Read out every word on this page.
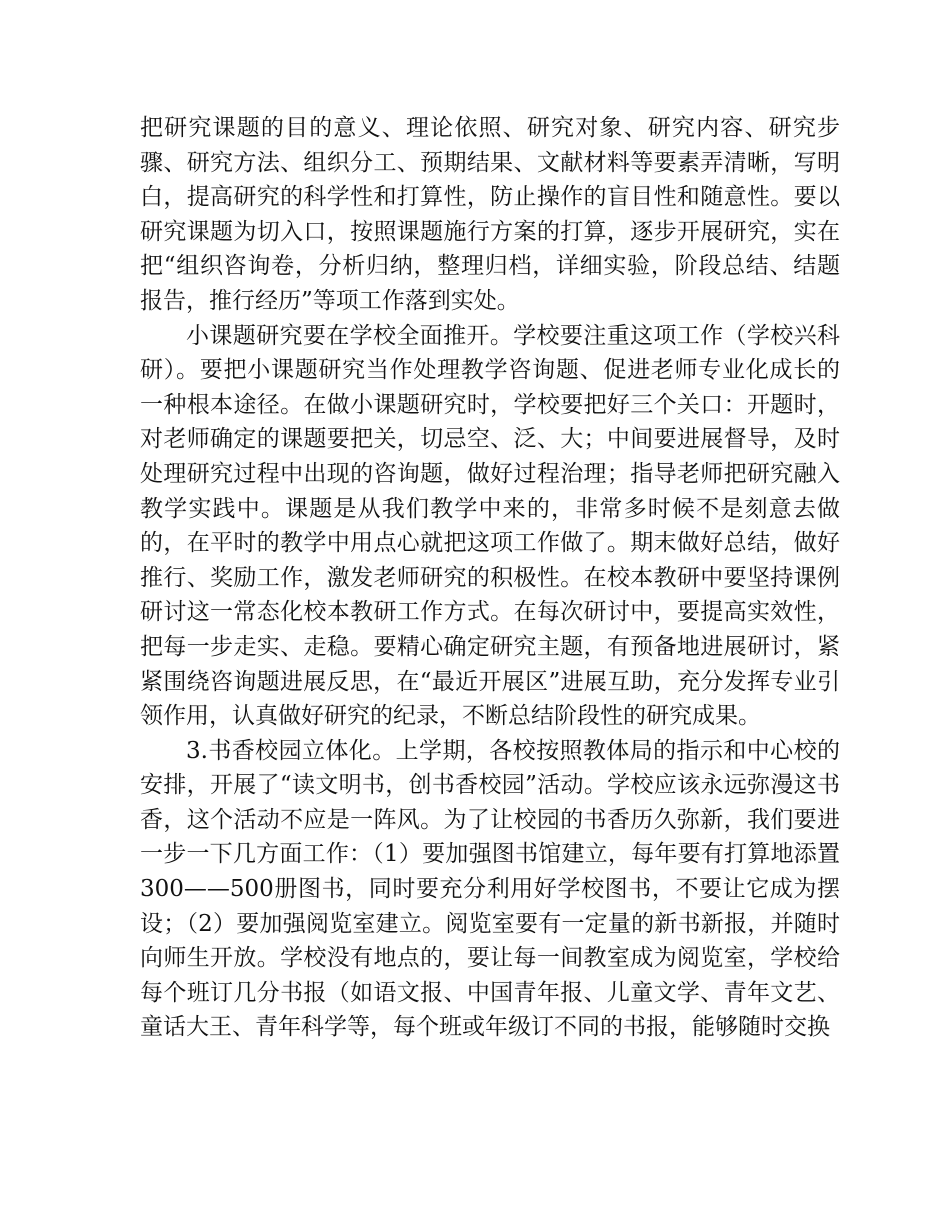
把研究课题的目的意义、理论依照、研究对象、研究内容、研究步骤、研究方法、组织分工、预期结果、文献材料等要素弄清晰，写明白，提高研究的科学性和打算性，防止操作的盲目性和随意性。要以研究课题为切入口，按照课题施行方案的打算，逐步开展研究，实在把“组织咨询卷，分析归纳，整理归档，详细实验，阶段总结、结题报告，推行经历”等项工作落到实处。

小课题研究要在学校全面推开。学校要注重这项工作（学校兴科研）。要把小课题研究当作处理教学咨询题、促进老师专业化成长的一种根本途径。在做小课题研究时，学校要把好三个关口：开题时，对老师确定的课题要把关，切忌空、泛、大；中间要进展督导，及时处理研究过程中出现的咨询题，做好过程治理；指导老师把研究融入教学实践中。课题是从我们教学中来的，非常多时候不是刻意去做的，在平时的教学中用点心就把这项工作做了。期末做好总结，做好推行、奖励工作，激发老师研究的积极性。在校本教研中要坚持课例研讨这一常态化校本教研工作方式。在每次研讨中，要提高实效性，把每一步走实、走稳。要精心确定研究主题，有预备地进展研讨，紧紧围绕咨询题进展反思，在“最近开展区”进展互助，充分发挥专业引领作用，认真做好研究的纪录，不断总结阶段性的研究成果。

3.书香校园立体化。上学期，各校按照教体局的指示和中心校的安排，开展了“读文明书，创书香校园”活动。学校应该永远弥漫这书香，这个活动不应是一阵风。为了让校园的书香历久弥新，我们要进一步一下几方面工作：（1）要加强图书馆建立，每年要有打算地添置300——500册图书，同时要充分利用好学校图书，不要让它成为摆设；（2）要加强阅览室建立。阅览室要有一定量的新书新报，并随时向师生开放。学校没有地点的，要让每一间教室成为阅览室，学校给每个班订几分书报（如语文报、中国青年报、儿童文学、青年文艺、童话大王、青年科学等，每个班或年级订不同的书报，能够随时交换
